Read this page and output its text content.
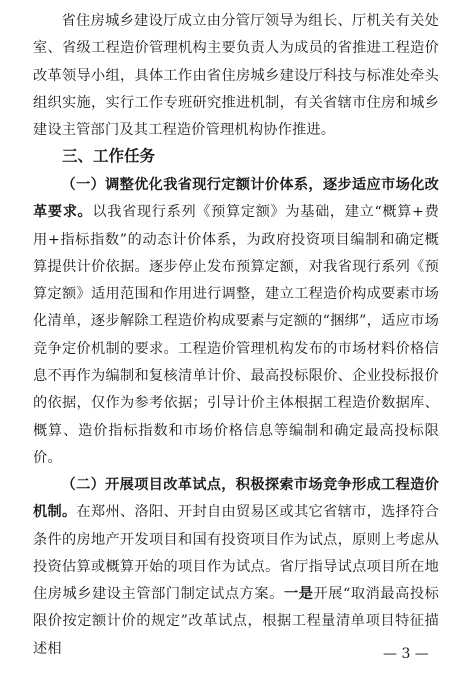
省住房城乡建设厅成立由分管厅领导为组长、厅机关有关处室、省级工程造价管理机构主要负责人为成员的省推进工程造价改革领导小组，具体工作由省住房城乡建设厅科技与标准处牵头组织实施，实行工作专班研究推进机制，有关省辖市住房和城乡建设主管部门及其工程造价管理机构协作推进。

三、工作任务

（一）调整优化我省现行定额计价体系，逐步适应市场化改革要求。以我省现行系列《预算定额》为基础，建立“概算+费用+指标指数”的动态计价体系，为政府投资项目编制和确定概算提供计价依据。逐步停止发布预算定额，对我省现行系列《预算定额》适用范围和作用进行调整，建立工程造价构成要素市场化清单，逐步解除工程造价构成要素与定额的“捆绑”，适应市场竞争定价机制的要求。工程造价管理机构发布的市场材料价格信息不再作为编制和复核清单计价、最高投标限价、企业投标报价的依据，仅作为参考依据；引导计价主体根据工程造价数据库、概算、造价指标指数和市场价格信息等编制和确定最高投标限价。

（二）开展项目改革试点，积极探索市场竞争形成工程造价机制。在郑州、洛阳、开封自由贸易区或其它省辖市，选择符合条件的房地产开发项目和国有投资项目作为试点，原则上考虑从投资估算或概算开始的项目作为试点。省厅指导试点项目所在地住房城乡建设主管部门制定试点方案。一是开展“取消最高投标限价按定额计价的规定”改革试点，根据工程量清单项目特征描述相	— 3 —
